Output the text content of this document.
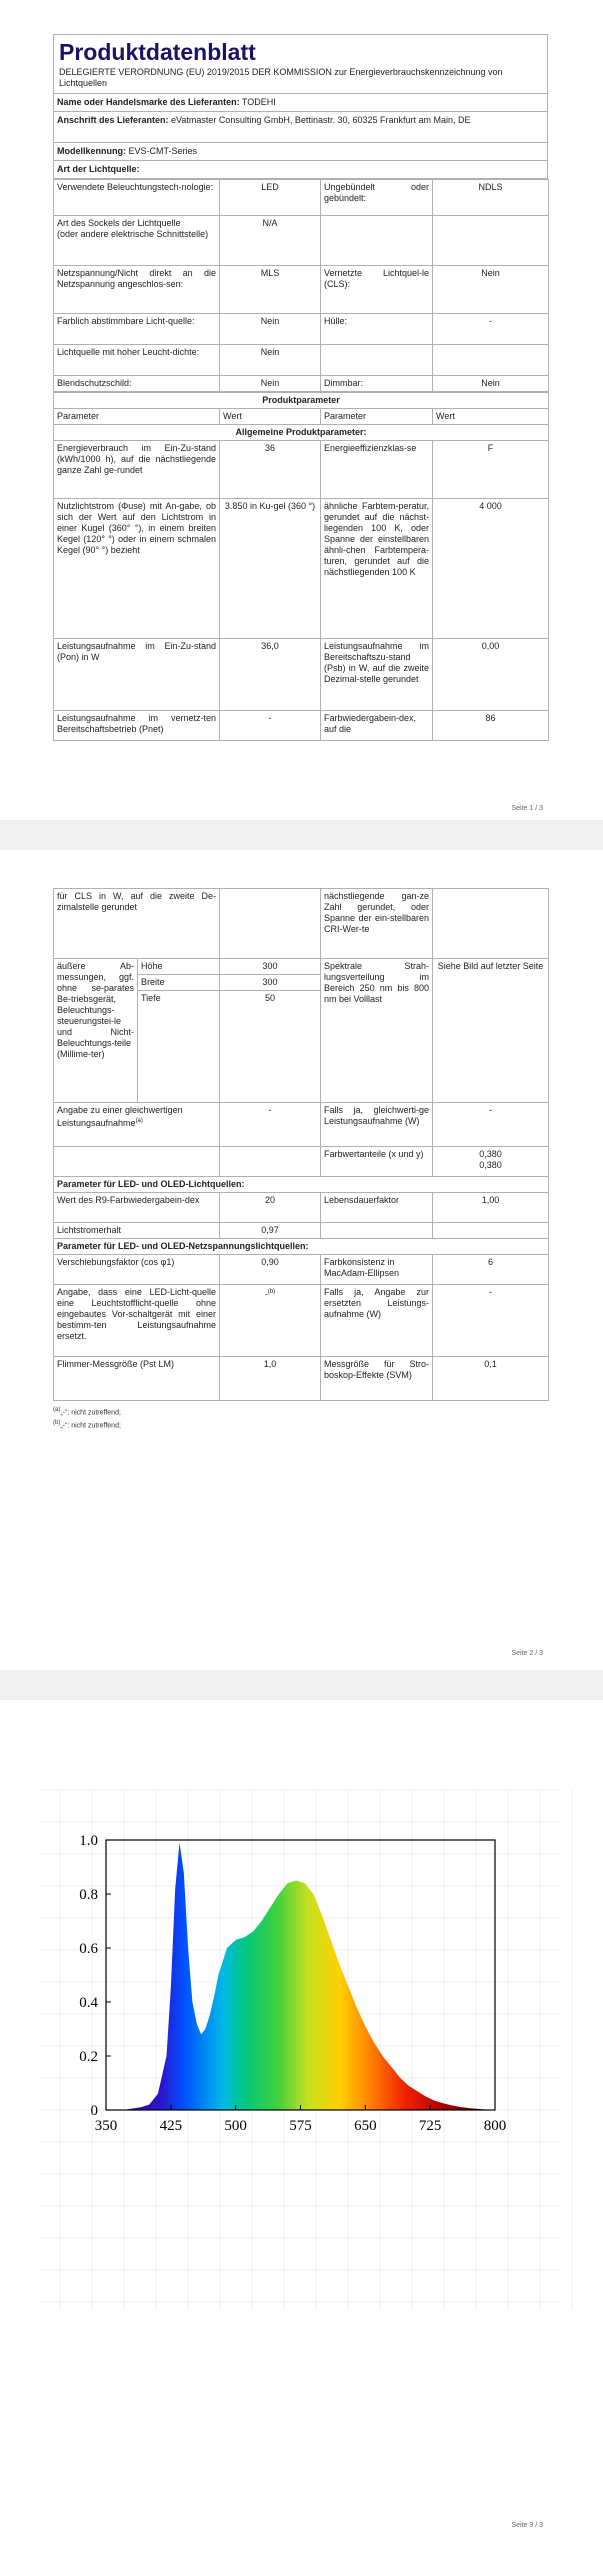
Produktdatenblatt
DELEGIERTE VERORDNUNG (EU) 2019/2015 DER KOMMISSION zur Energieverbrauchskennzeichnung von Lichtquellen
Name oder Handelsmarke des Lieferanten: TODEHI
Anschrift des Lieferanten: eVatmaster Consulting GmbH, Bettinastr. 30, 60325 Frankfurt am Main, DE
Modellkennung: EVS-CMT-Series
Art der Lichtquelle:
Verwendete Beleuchtungstech-nologie:	LED	Ungebündelt oder gebündelt:	NDLS
Art des Sockels der Lichtquelle
(oder andere elektrische Schnittstelle)	N/A		
Netzspannung/Nicht direkt an die Netzspannung angeschlos-sen:	MLS	Vernetzte Lichtquel-le (CLS):	Nein
Farblich abstimmbare Licht-quelle:	Nein	Hülle:	-
Lichtquelle mit hoher Leucht-dichte:	Nein		
Blendschutzschild:	Nein	Dimmbar:	Nein
Produktparameter			
Parameter	Wert	Parameter	Wert
Allgemeine Produktparameter:			
Energieverbrauch im Ein-Zu-stand (kWh/1000 h), auf die nächstliegende ganze Zahl ge-rundet	36	Energieeffizienzklas-se	F
Nutzlichtstrom (Φuse) mit An-gabe, ob sich der Wert auf den Lichtstrom in einer Kugel (360° °), in einem breiten Kegel (120° °) oder in einem schmalen Kegel (90° °) bezieht	3.850 in Ku-gel (360 °)	ähnliche Farbtem-peratur, gerundet auf die nächst-liegenden 100 K, oder Spanne der einstellbaren ähnli-chen Farbtempera-turen, gerundet auf die nächstliegenden 100 K	4 000
Leistungsaufnahme im Ein-Zu-stand (Pon) in W	36,0	Leistungsaufnahme im Bereitschaftszu-stand (Psb) in W, auf die zweite Dezimal-stelle gerundet	0,00
Leistungsaufnahme im vernetz-ten Bereitschaftsbetrieb (Pnet)	-	Farbwiedergabein-dex, auf die	86
Seite 1 / 3
für CLS in W, auf die zweite De-zimalstelle gerundet			nächstliegende gan-ze Zahl gerundet, oder Spanne der ein-stellbaren CRI-Wer-te	
äußere Ab-messungen, ggf. ohne se-parates Be-triebsgerät, Beleuchtungs-steuerungstei-le und Nicht-Beleuchtungs-teile (Millime-ter)	Höhe	300	Spektrale Strah-lungsverteilung im Bereich 250 nm bis 800 nm bei Volllast	Siehe Bild auf letzter Seite
	Breite	300		
	Tiefe	50		
Angabe zu einer gleichwertigen Leistungsaufnahme$^{(a)}$		-	Falls ja, gleichwerti-ge Leistungsaufnahme (W)	-
			Farbwertanteile (x und y)	0,380
0,380
Parameter für LED- und OLED-Lichtquellen:				
Wert des R9-Farbwiedergabein-dex		20	Lebensdauerfaktor	1,00
Lichtstromerhalt		0,97		
Parameter für LED- und OLED-Netzspannungslichtquellen:				
Verschiebungsfaktor (cos φ1)		0,90	Farbkonsistenz in MacAdam-Ellipsen	6
Angabe, dass eine LED-Licht-quelle eine Leuchtstofflicht-quelle ohne eingebautes Vor-schaltgerät mit einer bestimm-ten Leistungsaufnahme ersetzt.		-$^{(b)}$	Falls ja, Angabe zur ersetzten Leistungs-aufnahme (W)	-
Flimmer-Messgröße (Pst LM)		1,0	Messgröße für Stro-boskop-Effekte (SVM)	0,1
(a)„-“: nicht zutreffend;
(b)„-“: nicht zutreffend;
Seite 2 / 3
350	425	500	575	650	725	800
0
0.2
0.4
0.6
0.8
1.0
Seite 3 / 3
